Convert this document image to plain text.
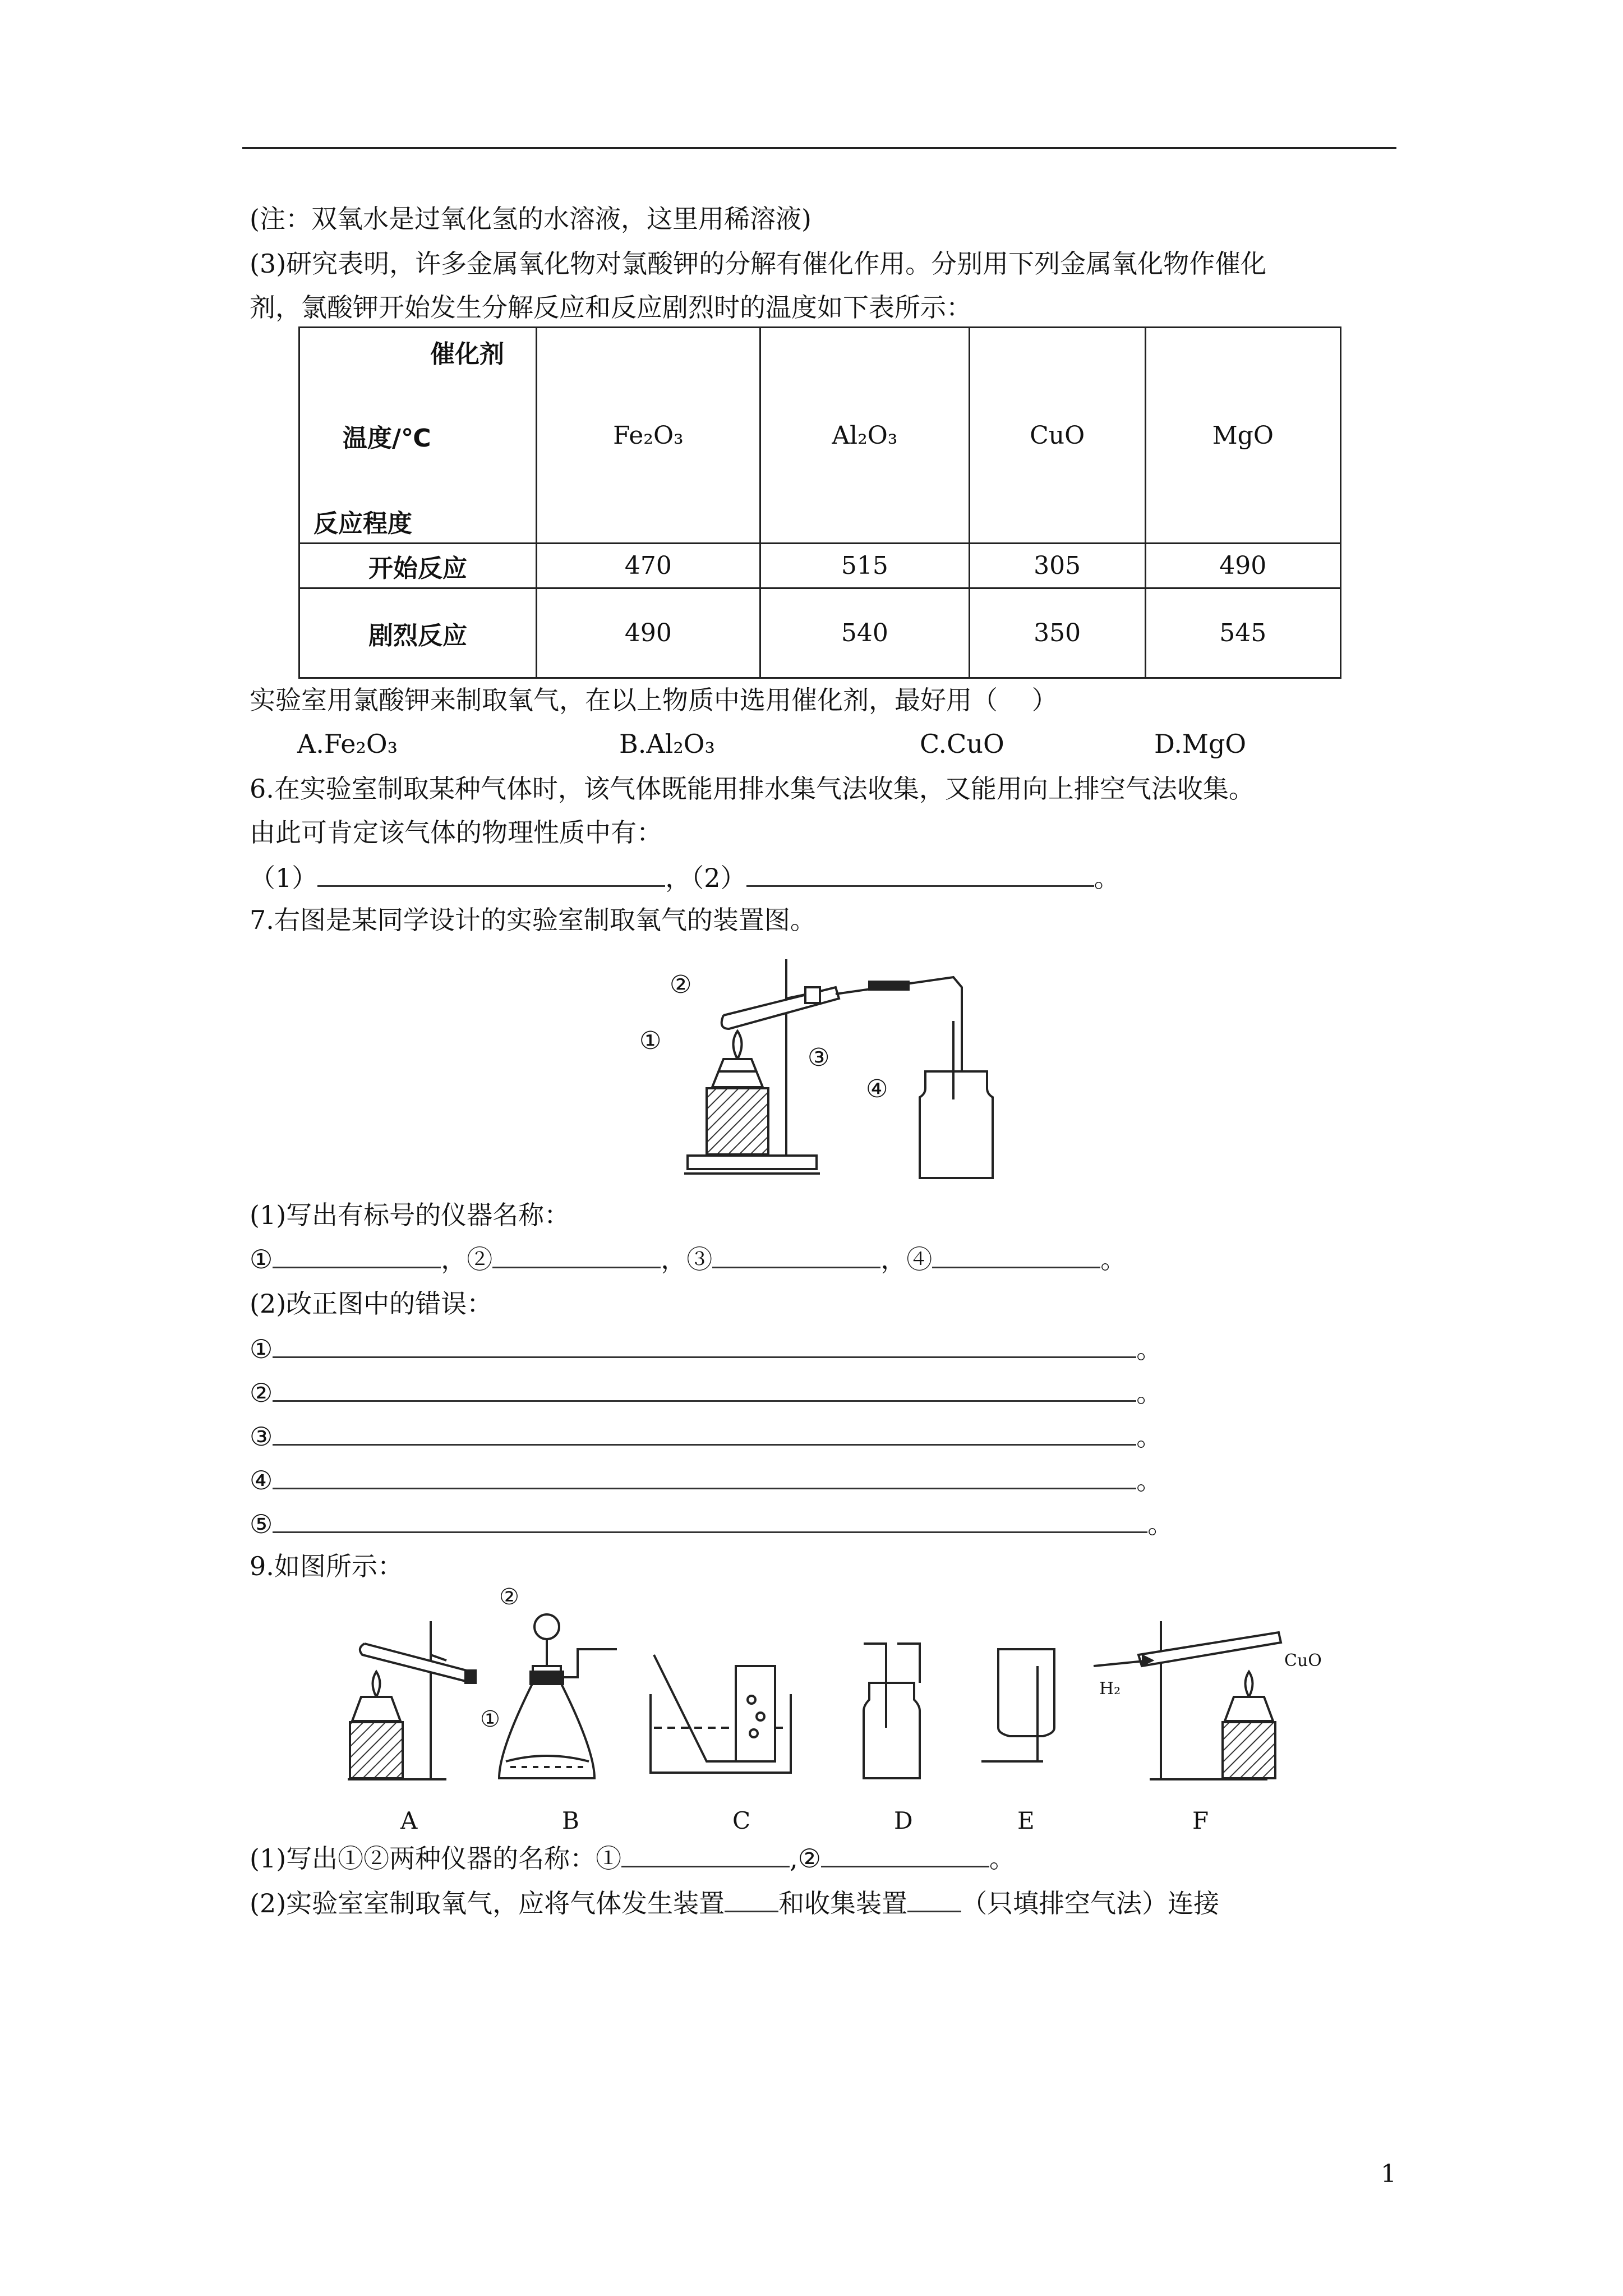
(注：双氧水是过氧化氢的水溶液，这里用稀溶液)
(3)研究表明，许多金属氧化物对氯酸钾的分解有催化作用。分别用下列金属氧化物作催化
剂，氯酸钾开始发生分解反应和反应剧烈时的温度如下表所示：
催化剂
温度/℃
反应程度	Fe₂O₃	Al₂O₃	CuO	MgO
开始反应	470	515	305	490
剧烈反应	490	540	350	545
实验室用氯酸钾来制取氧气，在以上物质中选用催化剂，最好用（　 ）
A.Fe₂O₃	B.Al₂O₃	C.CuO	D.MgO
6.在实验室制取某种气体时，该气体既能用排水集气法收集，又能用向上排空气法收集。
由此可肯定该气体的物理性质中有：
（1）	，（2）	。
7.右图是某同学设计的实验室制取氧气的装置图。
②
①
③
④
(1)写出有标号的仪器名称：
①	，②	，③	，④	。
(2)改正图中的错误：
①	。
②	。
③	。
④	。
⑤	。
9.如图所示：
②
①
H₂
CuO
A	B	C	D	E	F
(1)写出①②两种仪器的名称：①	,②	。
(2)实验室室制取氧气，应将气体发生装置 和收集装置 （只填排空气法）连接
1
